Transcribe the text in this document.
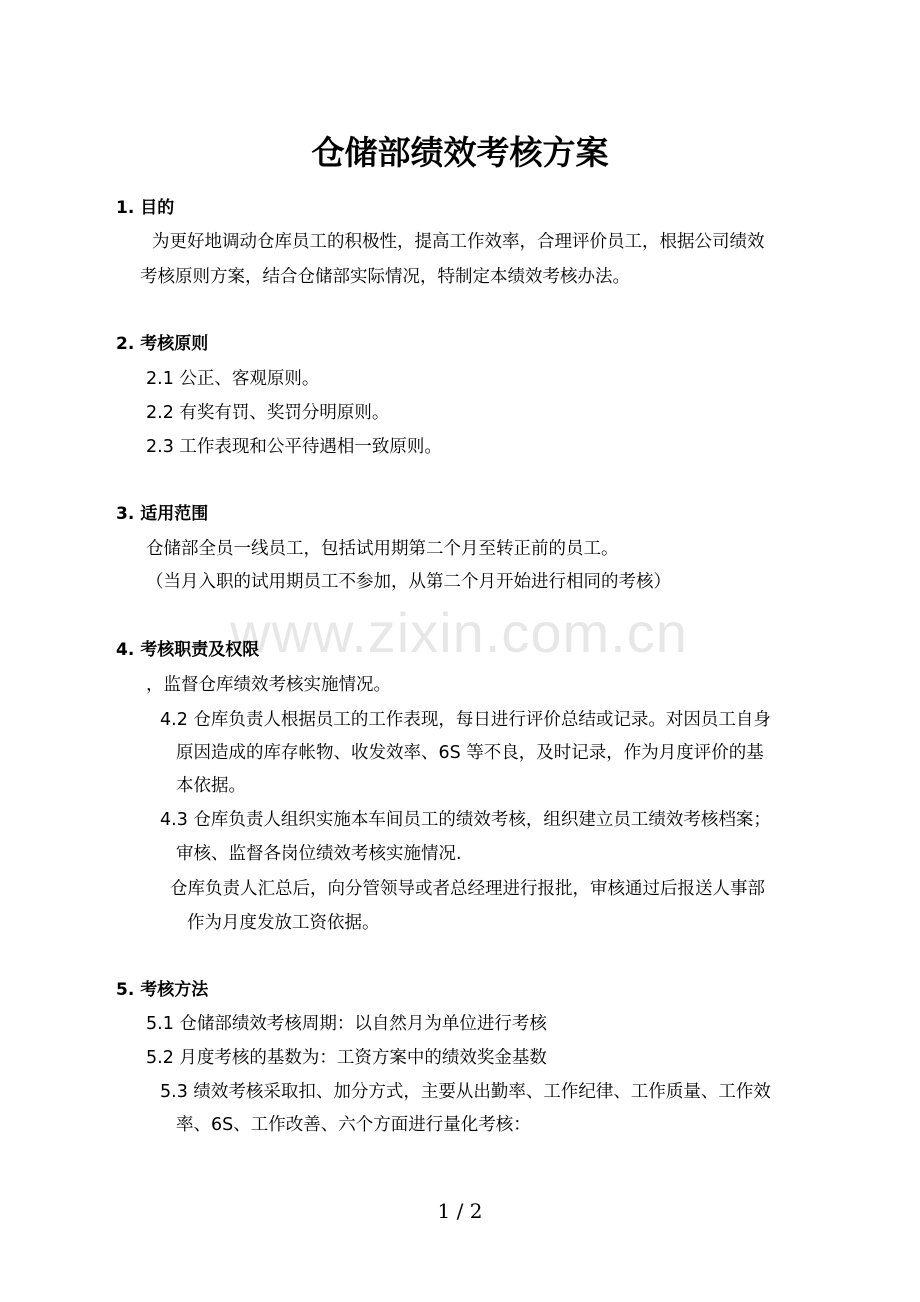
www.zixin.com.cn
仓储部绩效考核方案
1. 目的
为更好地调动仓库员工的积极性，提高工作效率，合理评价员工，根据公司绩效
考核原则方案，结合仓储部实际情况，特制定本绩效考核办法。
2. 考核原则
2.1 公正、客观原则。
2.2 有奖有罚、奖罚分明原则。
2.3 工作表现和公平待遇相一致原则。
3. 适用范围
仓储部全员一线员工，包括试用期第二个月至转正前的员工。
（当月入职的试用期员工不参加，从第二个月开始进行相同的考核）
4. 考核职责及权限
，监督仓库绩效考核实施情况。
4.2 仓库负责人根据员工的工作表现，每日进行评价总结或记录。对因员工自身
原因造成的库存帐物、收发效率、6S 等不良，及时记录，作为月度评价的基
本依据。
4.3 仓库负责人组织实施本车间员工的绩效考核，组织建立员工绩效考核档案；
审核、监督各岗位绩效考核实施情况.
仓库负责人汇总后，向分管领导或者总经理进行报批，审核通过后报送人事部
作为月度发放工资依据。
5. 考核方法
5.1 仓储部绩效考核周期：以自然月为单位进行考核
5.2 月度考核的基数为：工资方案中的绩效奖金基数
5.3 绩效考核采取扣、加分方式，主要从出勤率、工作纪律、工作质量、工作效
率、6S、工作改善、六个方面进行量化考核：
1 / 2
